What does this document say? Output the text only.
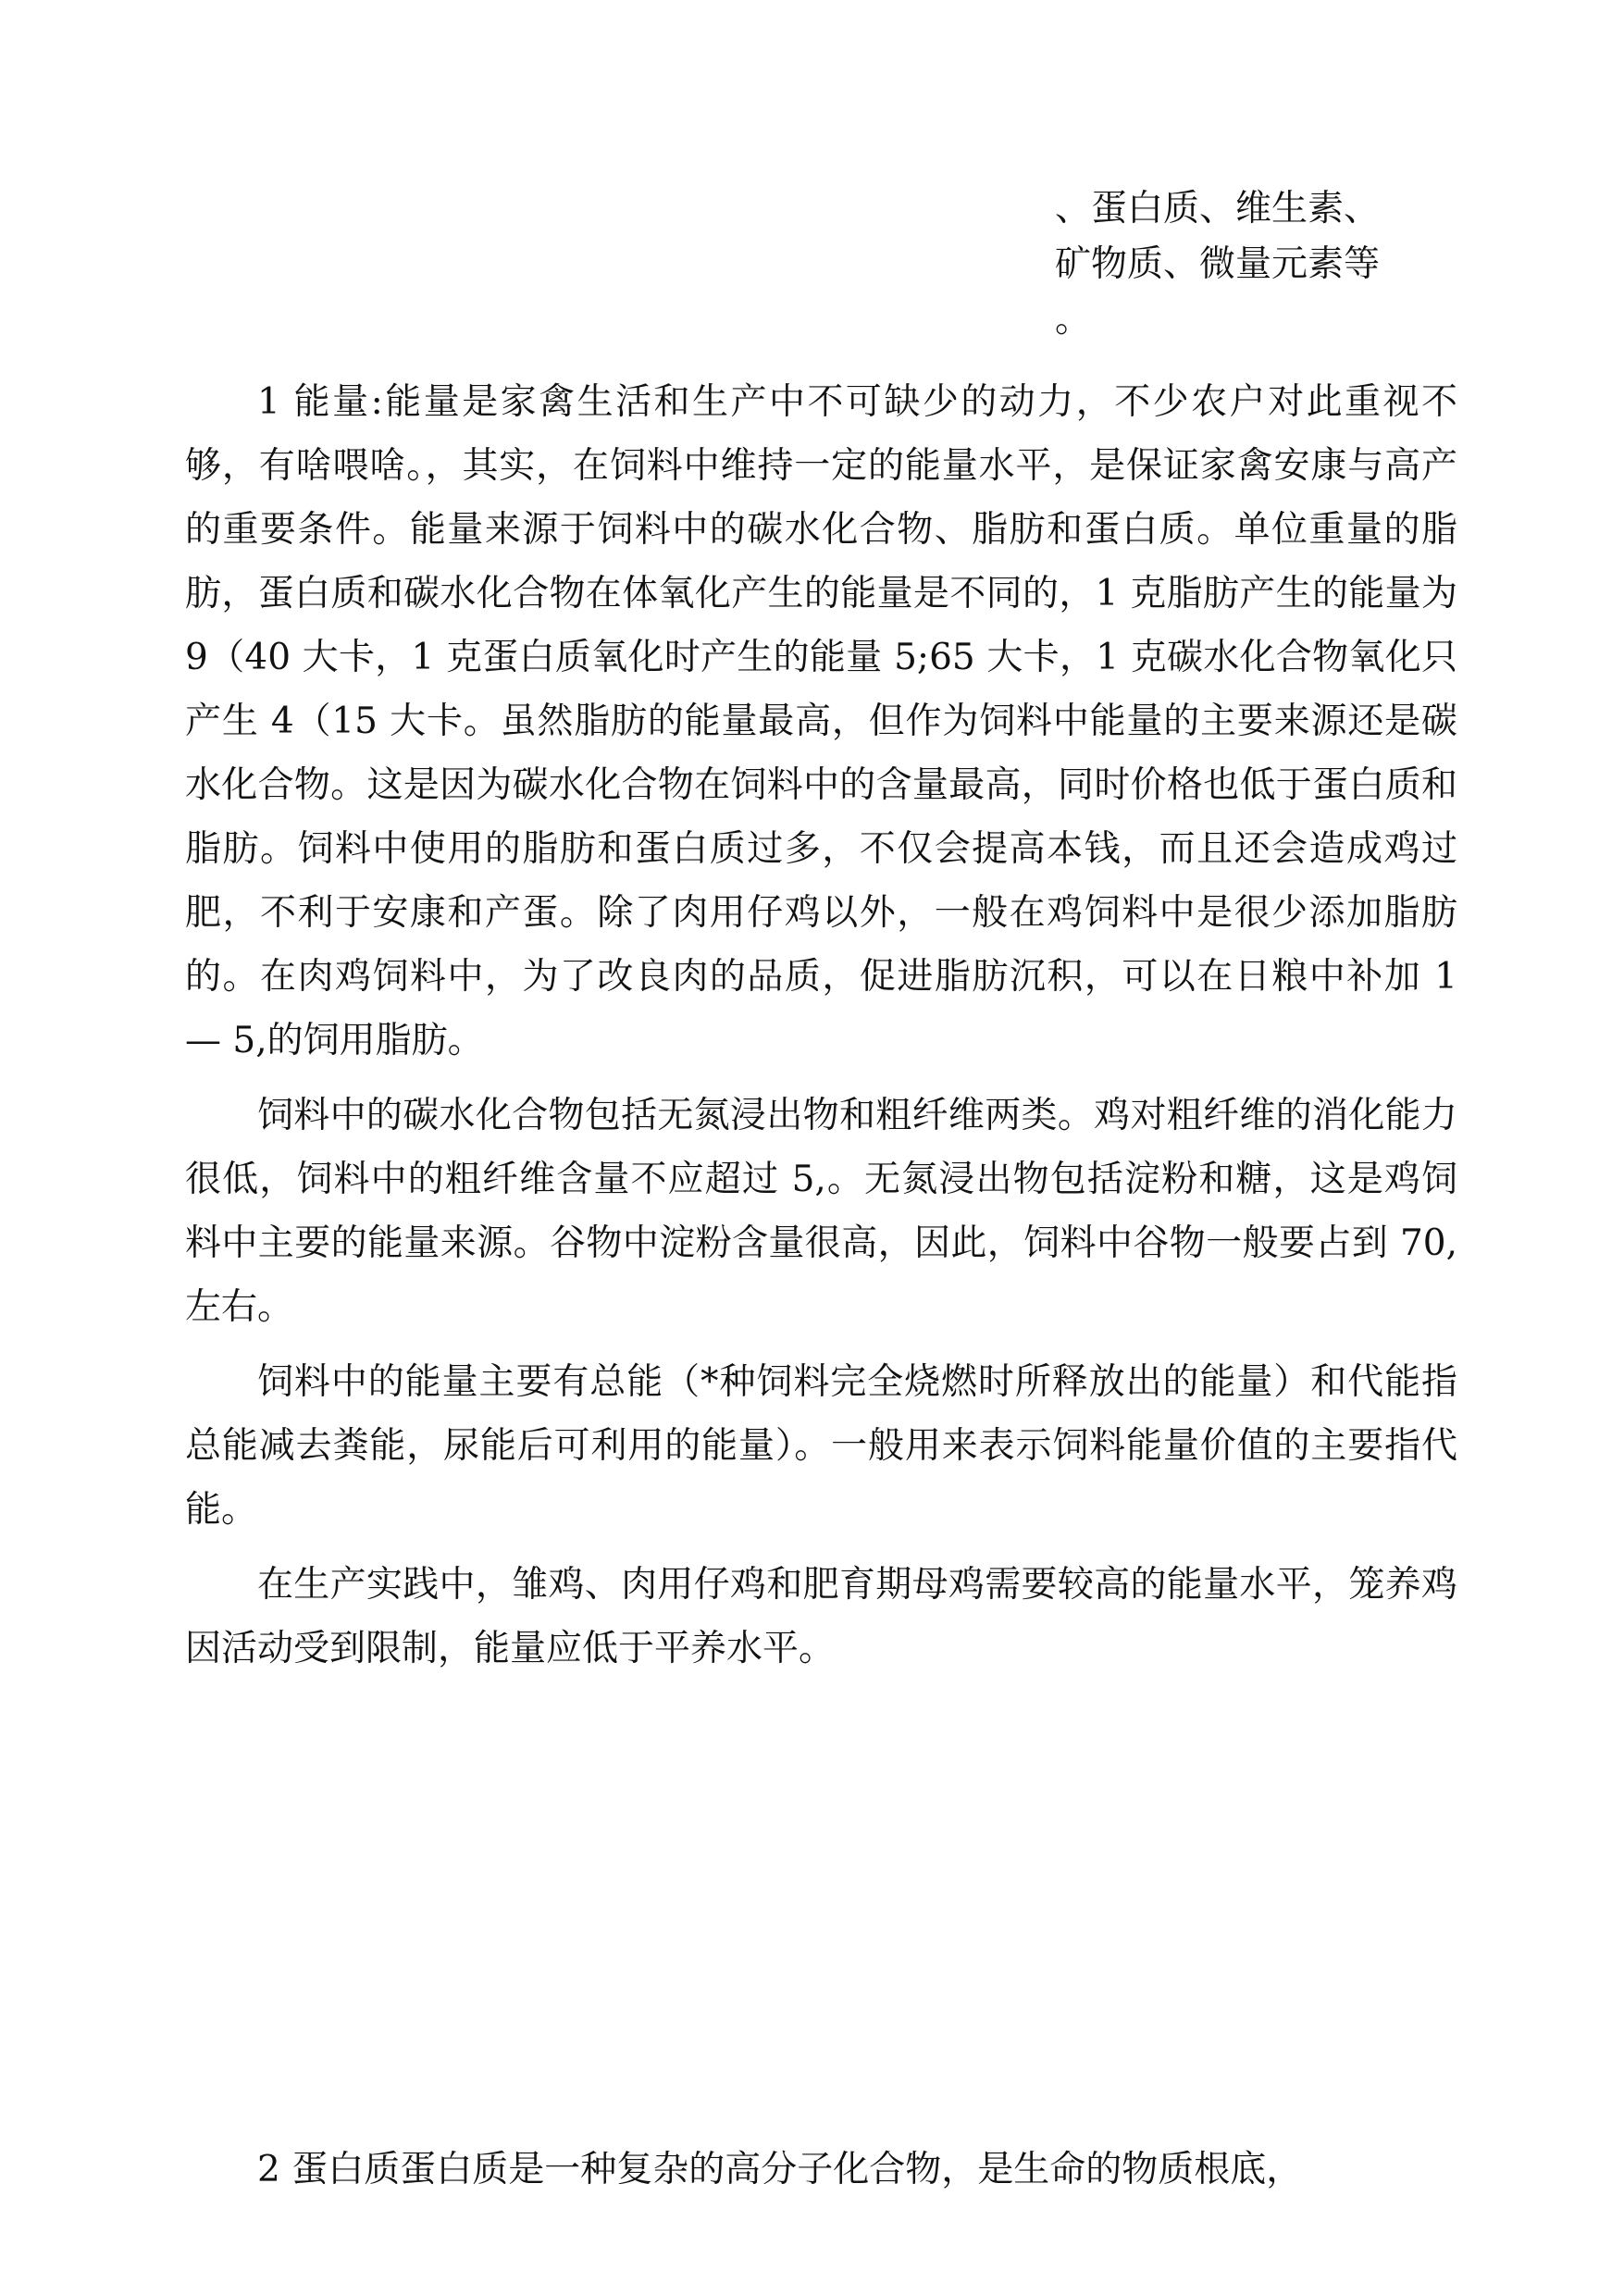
、蛋白质、维生素、
矿物质、微量元素等
。

1 能量:能量是家禽生活和生产中不可缺少的动力，不少农户对此重视不够，有啥喂啥。，其实，在饲料中维持一定的能量水平，是保证家禽安康与高产的重要条件。能量来源于饲料中的碳水化合物、脂肪和蛋白质。单位重量的脂肪，蛋白质和碳水化合物在体氧化产生的能量是不同的，1 克脂肪产生的能量为 9（40 大卡，1 克蛋白质氧化时产生的能量 5;65 大卡，1 克碳水化合物氧化只产生 4（15 大卡。虽然脂肪的能量最高，但作为饲料中能量的主要来源还是碳水化合物。这是因为碳水化合物在饲料中的含量最高，同时价格也低于蛋白质和脂肪。饲料中使用的脂肪和蛋白质过多，不仅会提高本钱，而且还会造成鸡过肥，不利于安康和产蛋。除了肉用仔鸡以外，一般在鸡饲料中是很少添加脂肪的。在肉鸡饲料中，为了改良肉的品质，促进脂肪沉积，可以在日粮中补加 1 — 5,的饲用脂肪。

饲料中的碳水化合物包括无氮浸出物和粗纤维两类。鸡对粗纤维的消化能力很低，饲料中的粗纤维含量不应超过 5,。无氮浸出物包括淀粉和糖，这是鸡饲料中主要的能量来源。谷物中淀粉含量很高，因此，饲料中谷物一般要占到 70,左右。

饲料中的能量主要有总能（*种饲料完全烧燃时所释放出的能量）和代能指总能减去粪能，尿能后可利用的能量）。一般用来表示饲料能量价值的主要指代能。

在生产实践中，雏鸡、肉用仔鸡和肥育期母鸡需要较高的能量水平，笼养鸡因活动受到限制，能量应低于平养水平。

2 蛋白质蛋白质是一种复杂的高分子化合物，是生命的物质根底，
